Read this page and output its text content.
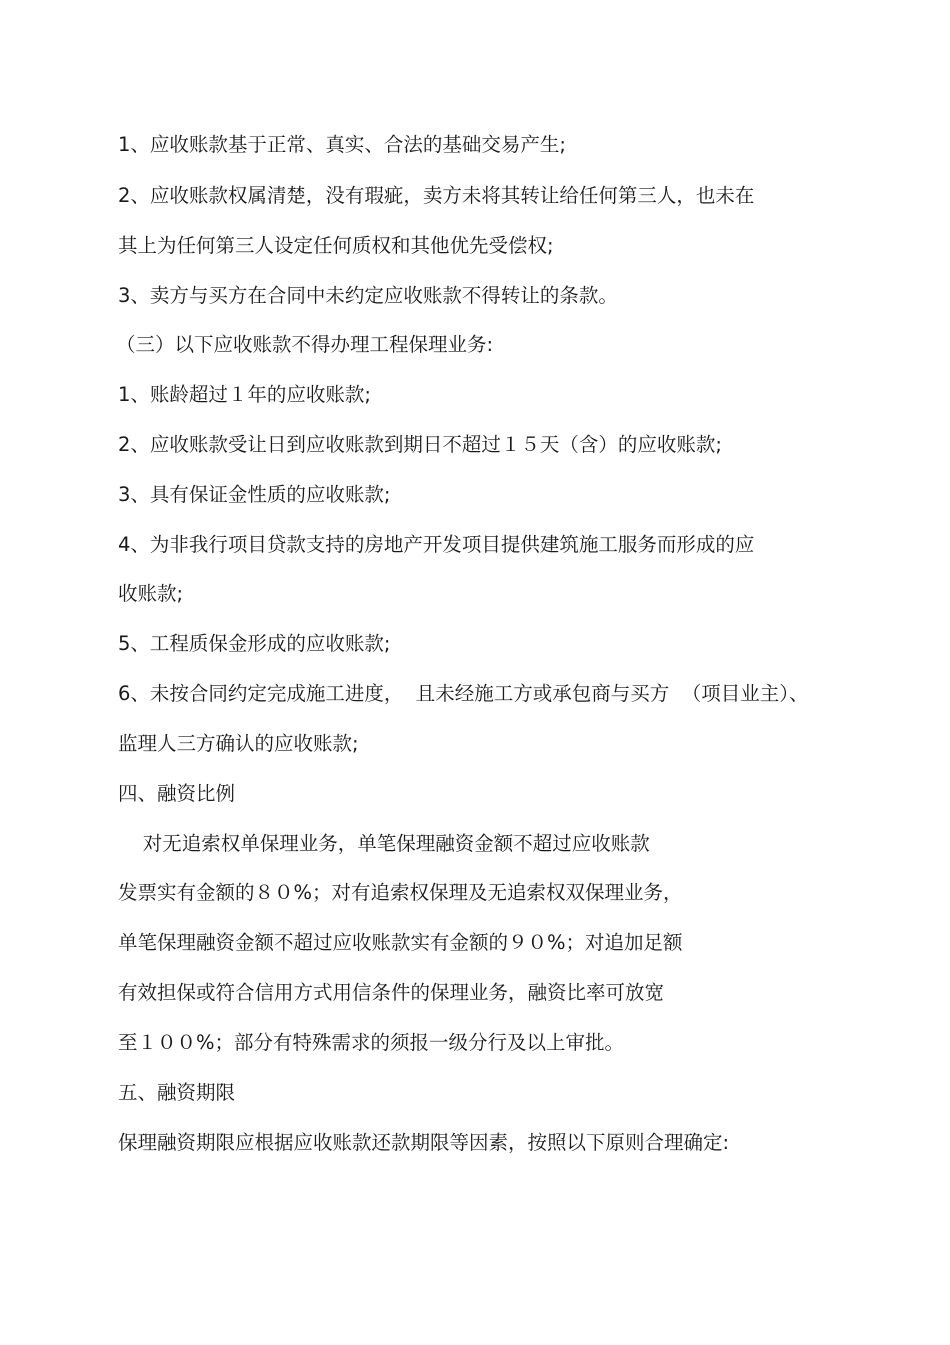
1、应收账款基于正常、真实、合法的基础交易产生;
2、应收账款权属清楚，没有瑕疵，卖方未将其转让给任何第三人，也未在
其上为任何第三人设定任何质权和其他优先受偿权;
3、卖方与买方在合同中未约定应收账款不得转让的条款。
（三）以下应收账款不得办理工程保理业务:
1、账龄超过１年的应收账款;
2、应收账款受让日到应收账款到期日不超过１５天（含）的应收账款;
3、具有保证金性质的应收账款;
4、为非我行项目贷款支持的房地产开发项目提供建筑施工服务而形成的应
收账款;
5、工程质保金形成的应收账款;
6、未按合同约定完成施工进度，  且未经施工方或承包商与买方  （项目业主）、
监理人三方确认的应收账款;
四、融资比例
对无追索权单保理业务，单笔保理融资金额不超过应收账款
发票实有金额的８０%；对有追索权保理及无追索权双保理业务，
单笔保理融资金额不超过应收账款实有金额的９０%；对追加足额
有效担保或符合信用方式用信条件的保理业务，融资比率可放宽
至１００%；部分有特殊需求的须报一级分行及以上审批。
五、融资期限
保理融资期限应根据应收账款还款期限等因素，按照以下原则合理确定:
